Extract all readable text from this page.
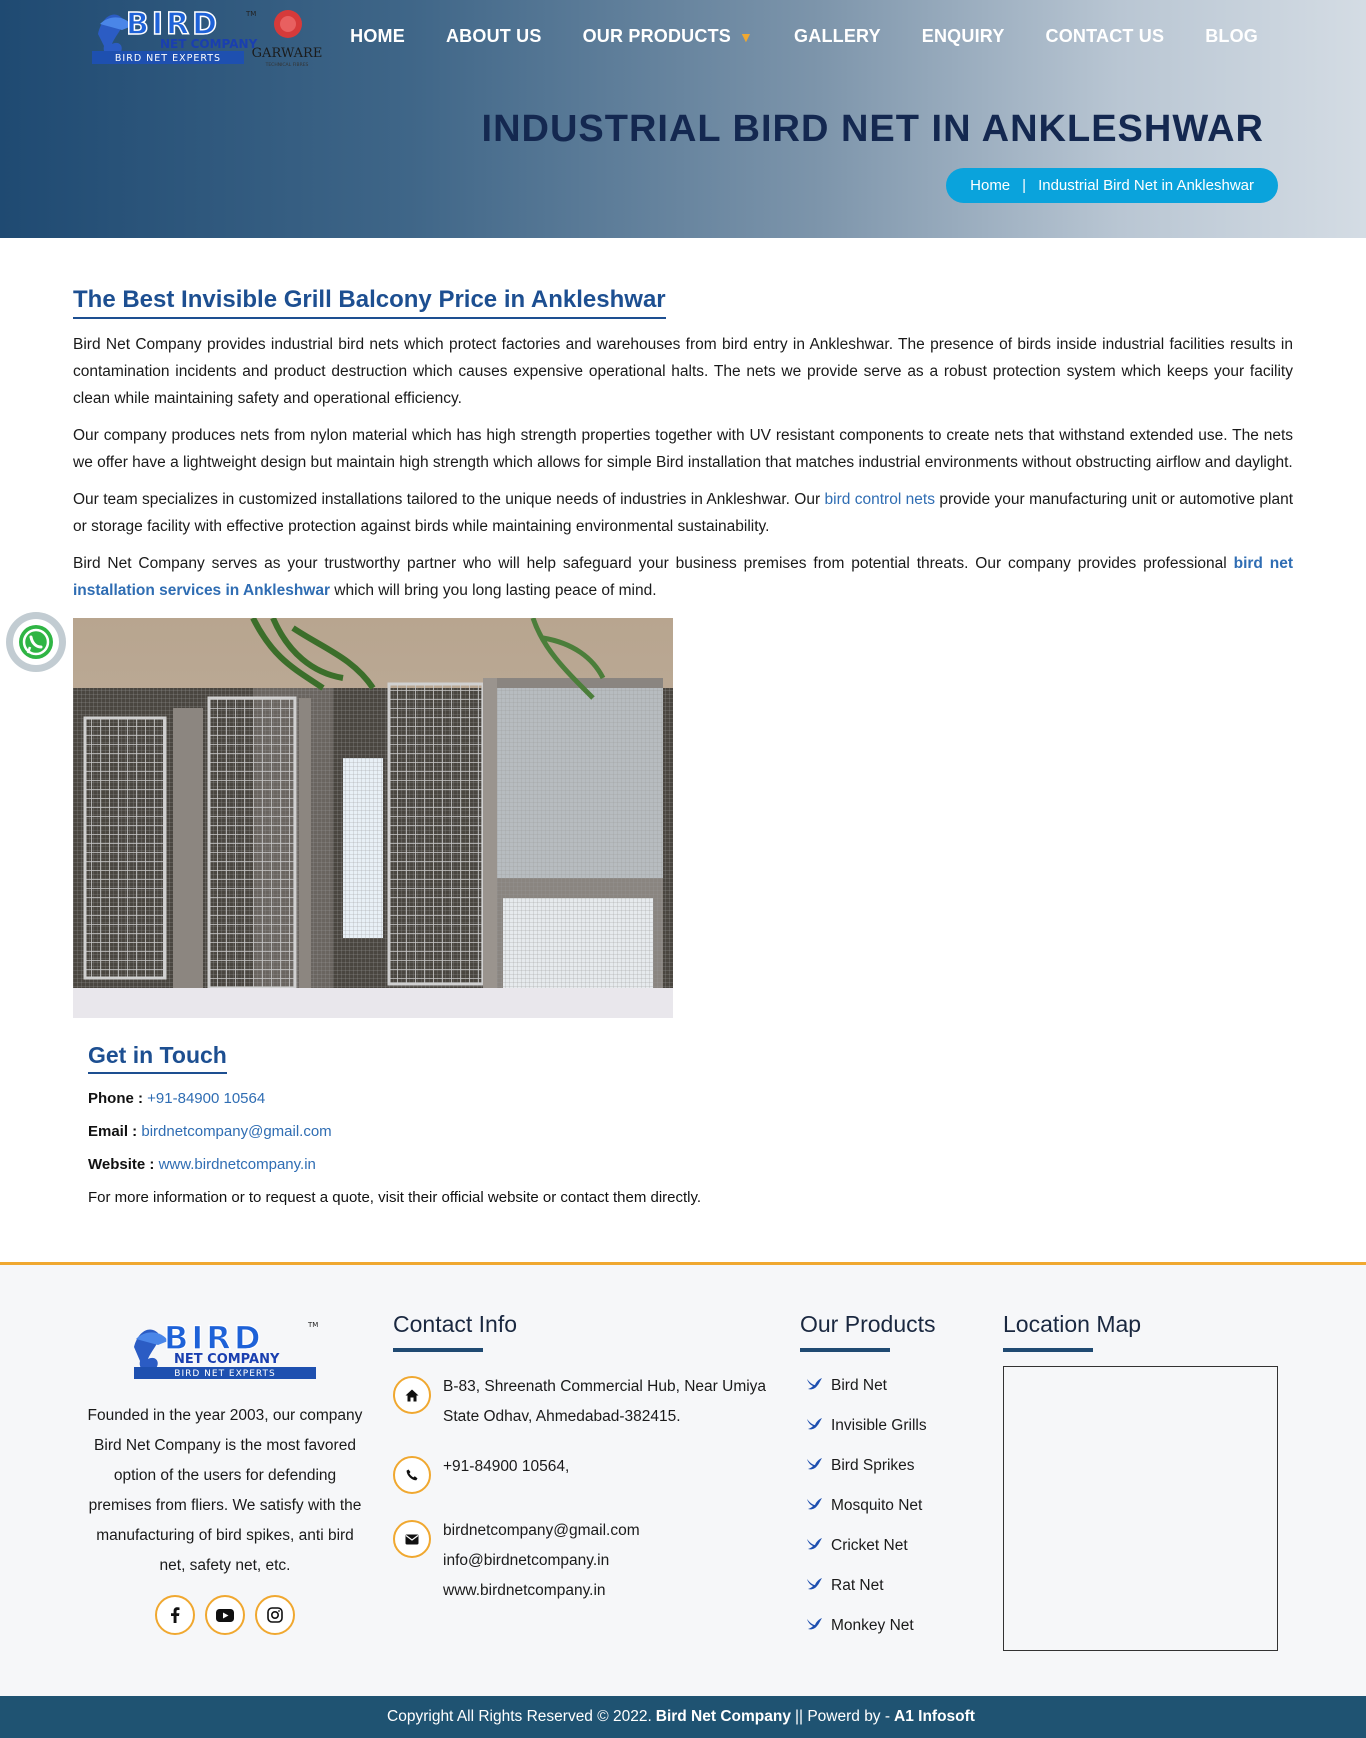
BIRD
NET COMPANY
BIRD NET EXPERTS
TM
GARWARE
TECHNICAL FIBRES
HOME ABOUT US OUR PRODUCTS ▼ GALLERY ENQUIRY CONTACT US BLOG
INDUSTRIAL BIRD NET IN ANKLESHWAR
Home | Industrial Bird Net in Ankleshwar
The Best Invisible Grill Balcony Price in Ankleshwar

Bird Net Company provides industrial bird nets which protect factories and warehouses from bird entry in Ankleshwar. The presence of birds inside industrial facilities results in contamination incidents and product destruction which causes expensive operational halts. The nets we provide serve as a robust protection system which keeps your facility clean while maintaining safety and operational efficiency.

Our company produces nets from nylon material which has high strength properties together with UV resistant components to create nets that withstand extended use. The nets we offer have a lightweight design but maintain high strength which allows for simple Bird installation that matches industrial environments without obstructing airflow and daylight.

Our team specializes in customized installations tailored to the unique needs of industries in Ankleshwar. Our bird control nets provide your manufacturing unit or automotive plant or storage facility with effective protection against birds while maintaining environmental sustainability.

Bird Net Company serves as your trustworthy partner who will help safeguard your business premises from potential threats. Our company provides professional bird net installation services in Ankleshwar which will bring you long lasting peace of mind.

Get in Touch
Phone : +91-84900 10564
Email : birdnetcompany@gmail.com
Website : www.birdnetcompany.in
For more information or to request a quote, visit their official website or contact them directly.
BIRD
NET COMPANY
BIRD NET EXPERTS
TM

Founded in the year 2003, our company Bird Net Company is the most favored option of the users for defending premises from fliers. We satisfy with the manufacturing of bird spikes, anti bird net, safety net, etc.

Contact Info
B-83, Shreenath Commercial Hub, Near Umiya State Odhav, Ahmedabad-382415.
+91-84900 10564,
birdnetcompany@gmail.com
info@birdnetcompany.in
www.birdnetcompany.in
Our Products
Bird Net
Invisible Grills
Bird Sprikes
Mosquito Net
Cricket Net
Rat Net
Monkey Net
Location Map
Copyright All Rights Reserved © 2022. Bird Net Company || Powerd by - A1 Infosoft
